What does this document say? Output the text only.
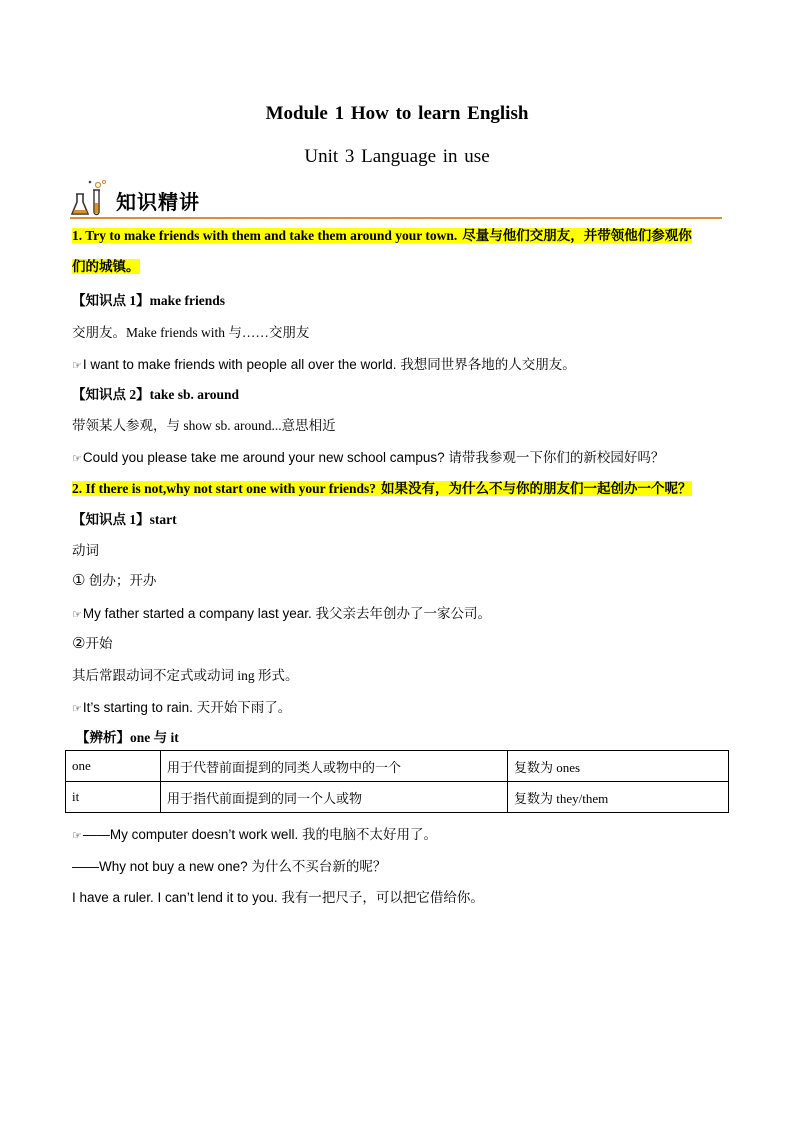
Module 1 How to learn English
Unit 3 Language in use
知识精讲
1. Try to make friends with them and take them around your town. 尽量与他们交朋友，并带领他们参观你
们的城镇。
【知识点 1】make friends
交朋友。Make friends with 与……交朋友
☞I want to make friends with people all over the world. 我想同世界各地的人交朋友。
【知识点 2】take sb. around
带领某人参观，与 show sb. around...意思相近
☞Could you please take me around your new school campus? 请带我参观一下你们的新校园好吗？
2. If there is not,why not start one with your friends? 如果没有，为什么不与你的朋友们一起创办一个呢？
【知识点 1】start
动词
① 创办；开办
☞My father started a company last year. 我父亲去年创办了一家公司。
②开始
其后常跟动词不定式或动词 ing 形式。
☞It’s starting to rain. 天开始下雨了。
【辨析】one 与 it
one	用于代替前面提到的同类人或物中的一个	复数为 ones
it	用于指代前面提到的同一个人或物	复数为 they/them
☞——My computer doesn’t work well. 我的电脑不太好用了。
——Why not buy a new one? 为什么不买台新的呢？
I have a ruler. I can’t lend it to you. 我有一把尺子，可以把它借给你。
